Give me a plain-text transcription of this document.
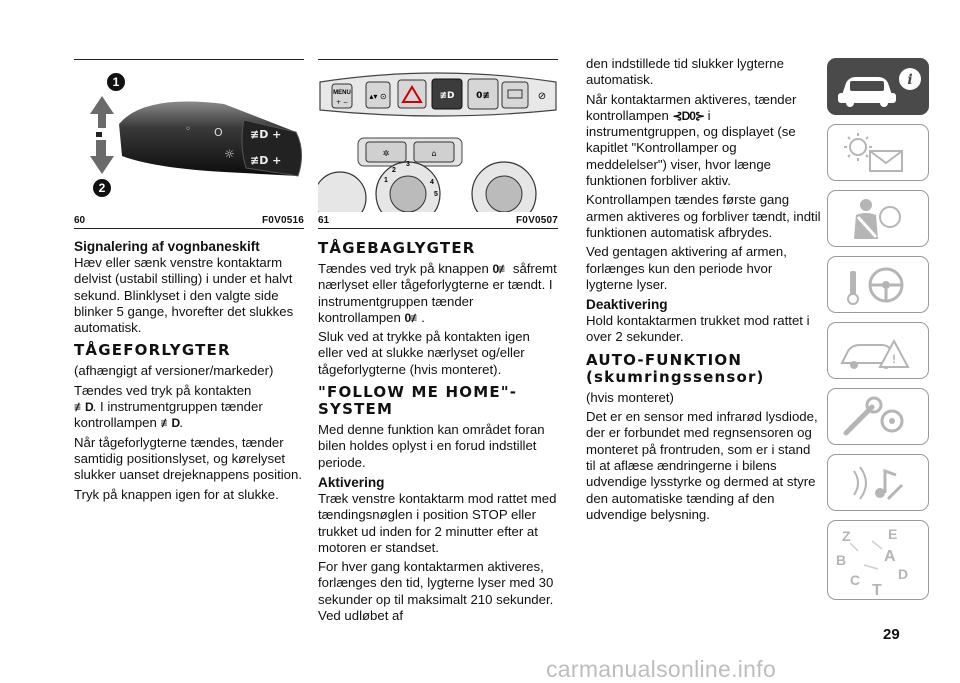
O
◦
☼
≢D +
≢D +
1
2
60	F0V0516
Signalering af vognbaneskift
Hæv eller sænk venstre kontaktarm delvist (ustabil stilling) i under et halvt sekund. Blinklyset i den valgte side blinker 5 gange, hvorefter det slukkes automatisk.
TÅGEFORLYGTER
(afhængigt af versioner/markeder)
Tændes ved tryk på kontakten
≢D. I instrumentgruppen tænder kontrollampen ≢D.
Når tågeforlygterne tændes, tænder samtidig positionslyset, og kørelyset slukker uanset drejeknappens position.
Tryk på knappen igen for at slukke.
MENU
+ −
▴▾ ⊙	≢D 0≢	⊘
✲	⌂
1
2
3
4
5
61	F0V0507
TÅGEBAGLYGTER
Tændes ved tryk på knappen 0≢ såfremt nærlyset eller tågeforlygterne er tændt. I instrumentgruppen tænder kontrollampen 0≢.
Sluk ved at trykke på kontakten igen eller ved at slukke nærlyset og/eller tågeforlygterne (hvis monteret).
"FOLLOW ME HOME"-SYSTEM
Med denne funktion kan området foran bilen holdes oplyst i en forud indstillet periode.
Aktivering
Træk venstre kontaktarm mod rattet med tændingsnøglen i position STOP eller trukket ud inden for 2 minutter efter at motoren er standset.
For hver gang kontaktarmen aktiveres, forlænges den tid, lygterne lyser med 30 sekunder op til maksimalt 210 sekunder. Ved udløbet af
den indstillede tid slukker lygterne automatisk.
Når kontaktarmen aktiveres, tænder kontrollampen ⊰D0⊱ i instrumentgruppen, og displayet (se kapitlet "Kontrollamper og meddelelser") viser, hvor længe funktionen forbliver aktiv.
Kontrollampen tændes første gang armen aktiveres og forbliver tændt, indtil funktionen automatisk afbrydes.
Ved gentagen aktivering af armen, forlænges kun den periode hvor lygterne lyser.
Deaktivering
Hold kontaktarmen trukket mod rattet i over 2 sekunder.
AUTO-FUNKTION (skumringssensor)
(hvis monteret)
Det er en sensor med infrarød lysdiode, der er forbundet med regnsensoren og monteret på frontruden, som er i stand til at aflæse ændringerne i bilens udvendige lysstyrke og dermed at styre den automatiske tænding af den udvendige belysning.
i
!
Z	E
B A
C	D
T
29
carmanualsonline.info
